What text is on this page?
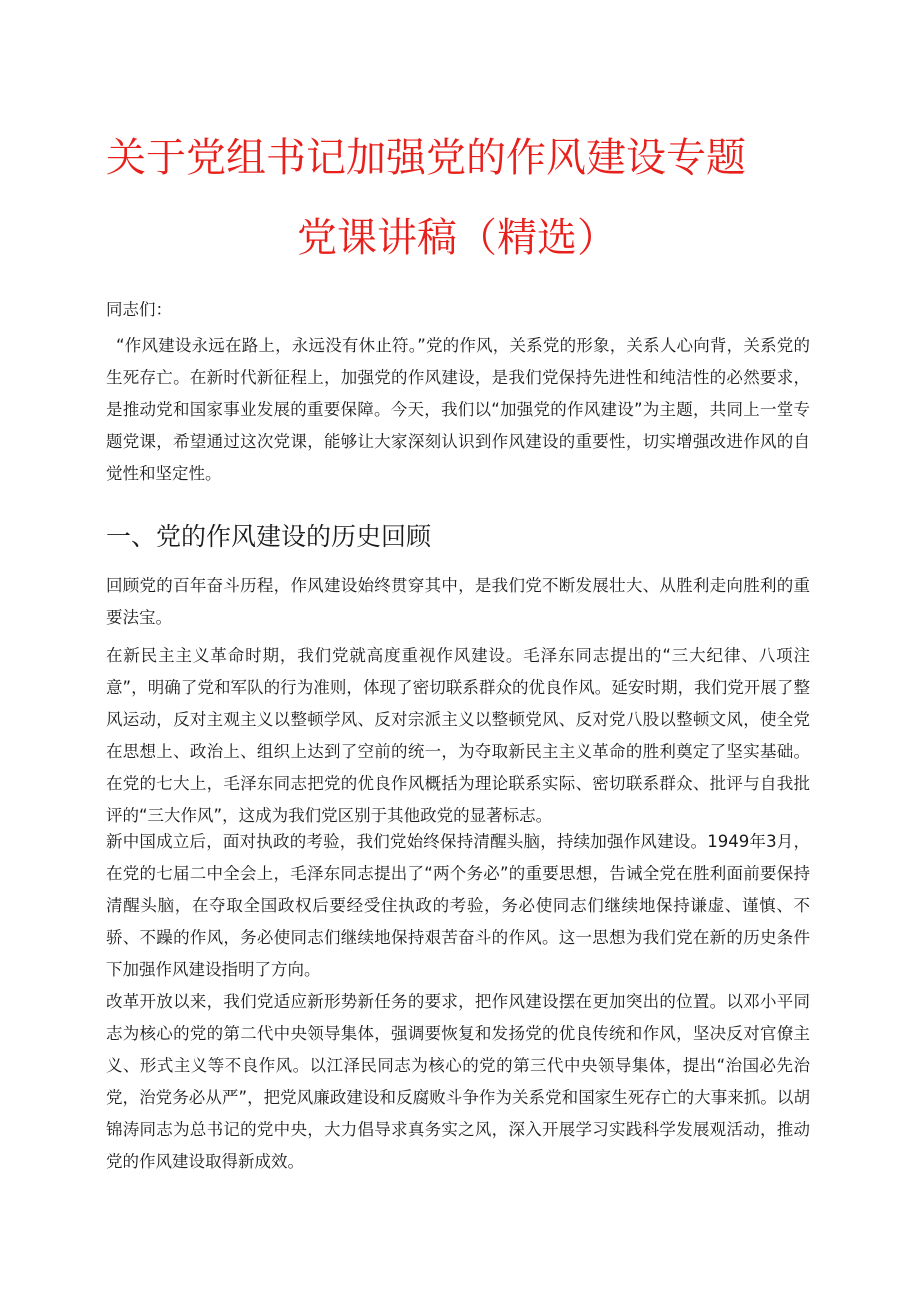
关于党组书记加强党的作风建设专题
党课讲稿（精选）
同志们：
“作风建设永远在路上，永远没有休止符。”党的作风，关系党的形象，关系人心向背，关系党的生死存亡。在新时代新征程上，加强党的作风建设，是我们党保持先进性和纯洁性的必然要求，是推动党和国家事业发展的重要保障。今天，我们以“加强党的作风建设”为主题，共同上一堂专题党课，希望通过这次党课，能够让大家深刻认识到作风建设的重要性，切实增强改进作风的自觉性和坚定性。
一、党的作风建设的历史回顾
回顾党的百年奋斗历程，作风建设始终贯穿其中，是我们党不断发展壮大、从胜利走向胜利的重要法宝。
在新民主主义革命时期，我们党就高度重视作风建设。毛泽东同志提出的“三大纪律、八项注意”，明确了党和军队的行为准则，体现了密切联系群众的优良作风。延安时期，我们党开展了整风运动，反对主观主义以整顿学风、反对宗派主义以整顿党风、反对党八股以整顿文风，使全党在思想上、政治上、组织上达到了空前的统一，为夺取新民主主义革命的胜利奠定了坚实基础。在党的七大上，毛泽东同志把党的优良作风概括为理论联系实际、密切联系群众、批评与自我批评的“三大作风”，这成为我们党区别于其他政党的显著标志。
新中国成立后，面对执政的考验，我们党始终保持清醒头脑，持续加强作风建设。1949年3月，在党的七届二中全会上，毛泽东同志提出了“两个务必”的重要思想，告诫全党在胜利面前要保持清醒头脑，在夺取全国政权后要经受住执政的考验，务必使同志们继续地保持谦虚、谨慎、不骄、不躁的作风，务必使同志们继续地保持艰苦奋斗的作风。这一思想为我们党在新的历史条件下加强作风建设指明了方向。
改革开放以来，我们党适应新形势新任务的要求，把作风建设摆在更加突出的位置。以邓小平同志为核心的党的第二代中央领导集体，强调要恢复和发扬党的优良传统和作风，坚决反对官僚主义、形式主义等不良作风。以江泽民同志为核心的党的第三代中央领导集体，提出“治国必先治党，治党务必从严”，把党风廉政建设和反腐败斗争作为关系党和国家生死存亡的大事来抓。以胡锦涛同志为总书记的党中央，大力倡导求真务实之风，深入开展学习实践科学发展观活动，推动党的作风建设取得新成效。
